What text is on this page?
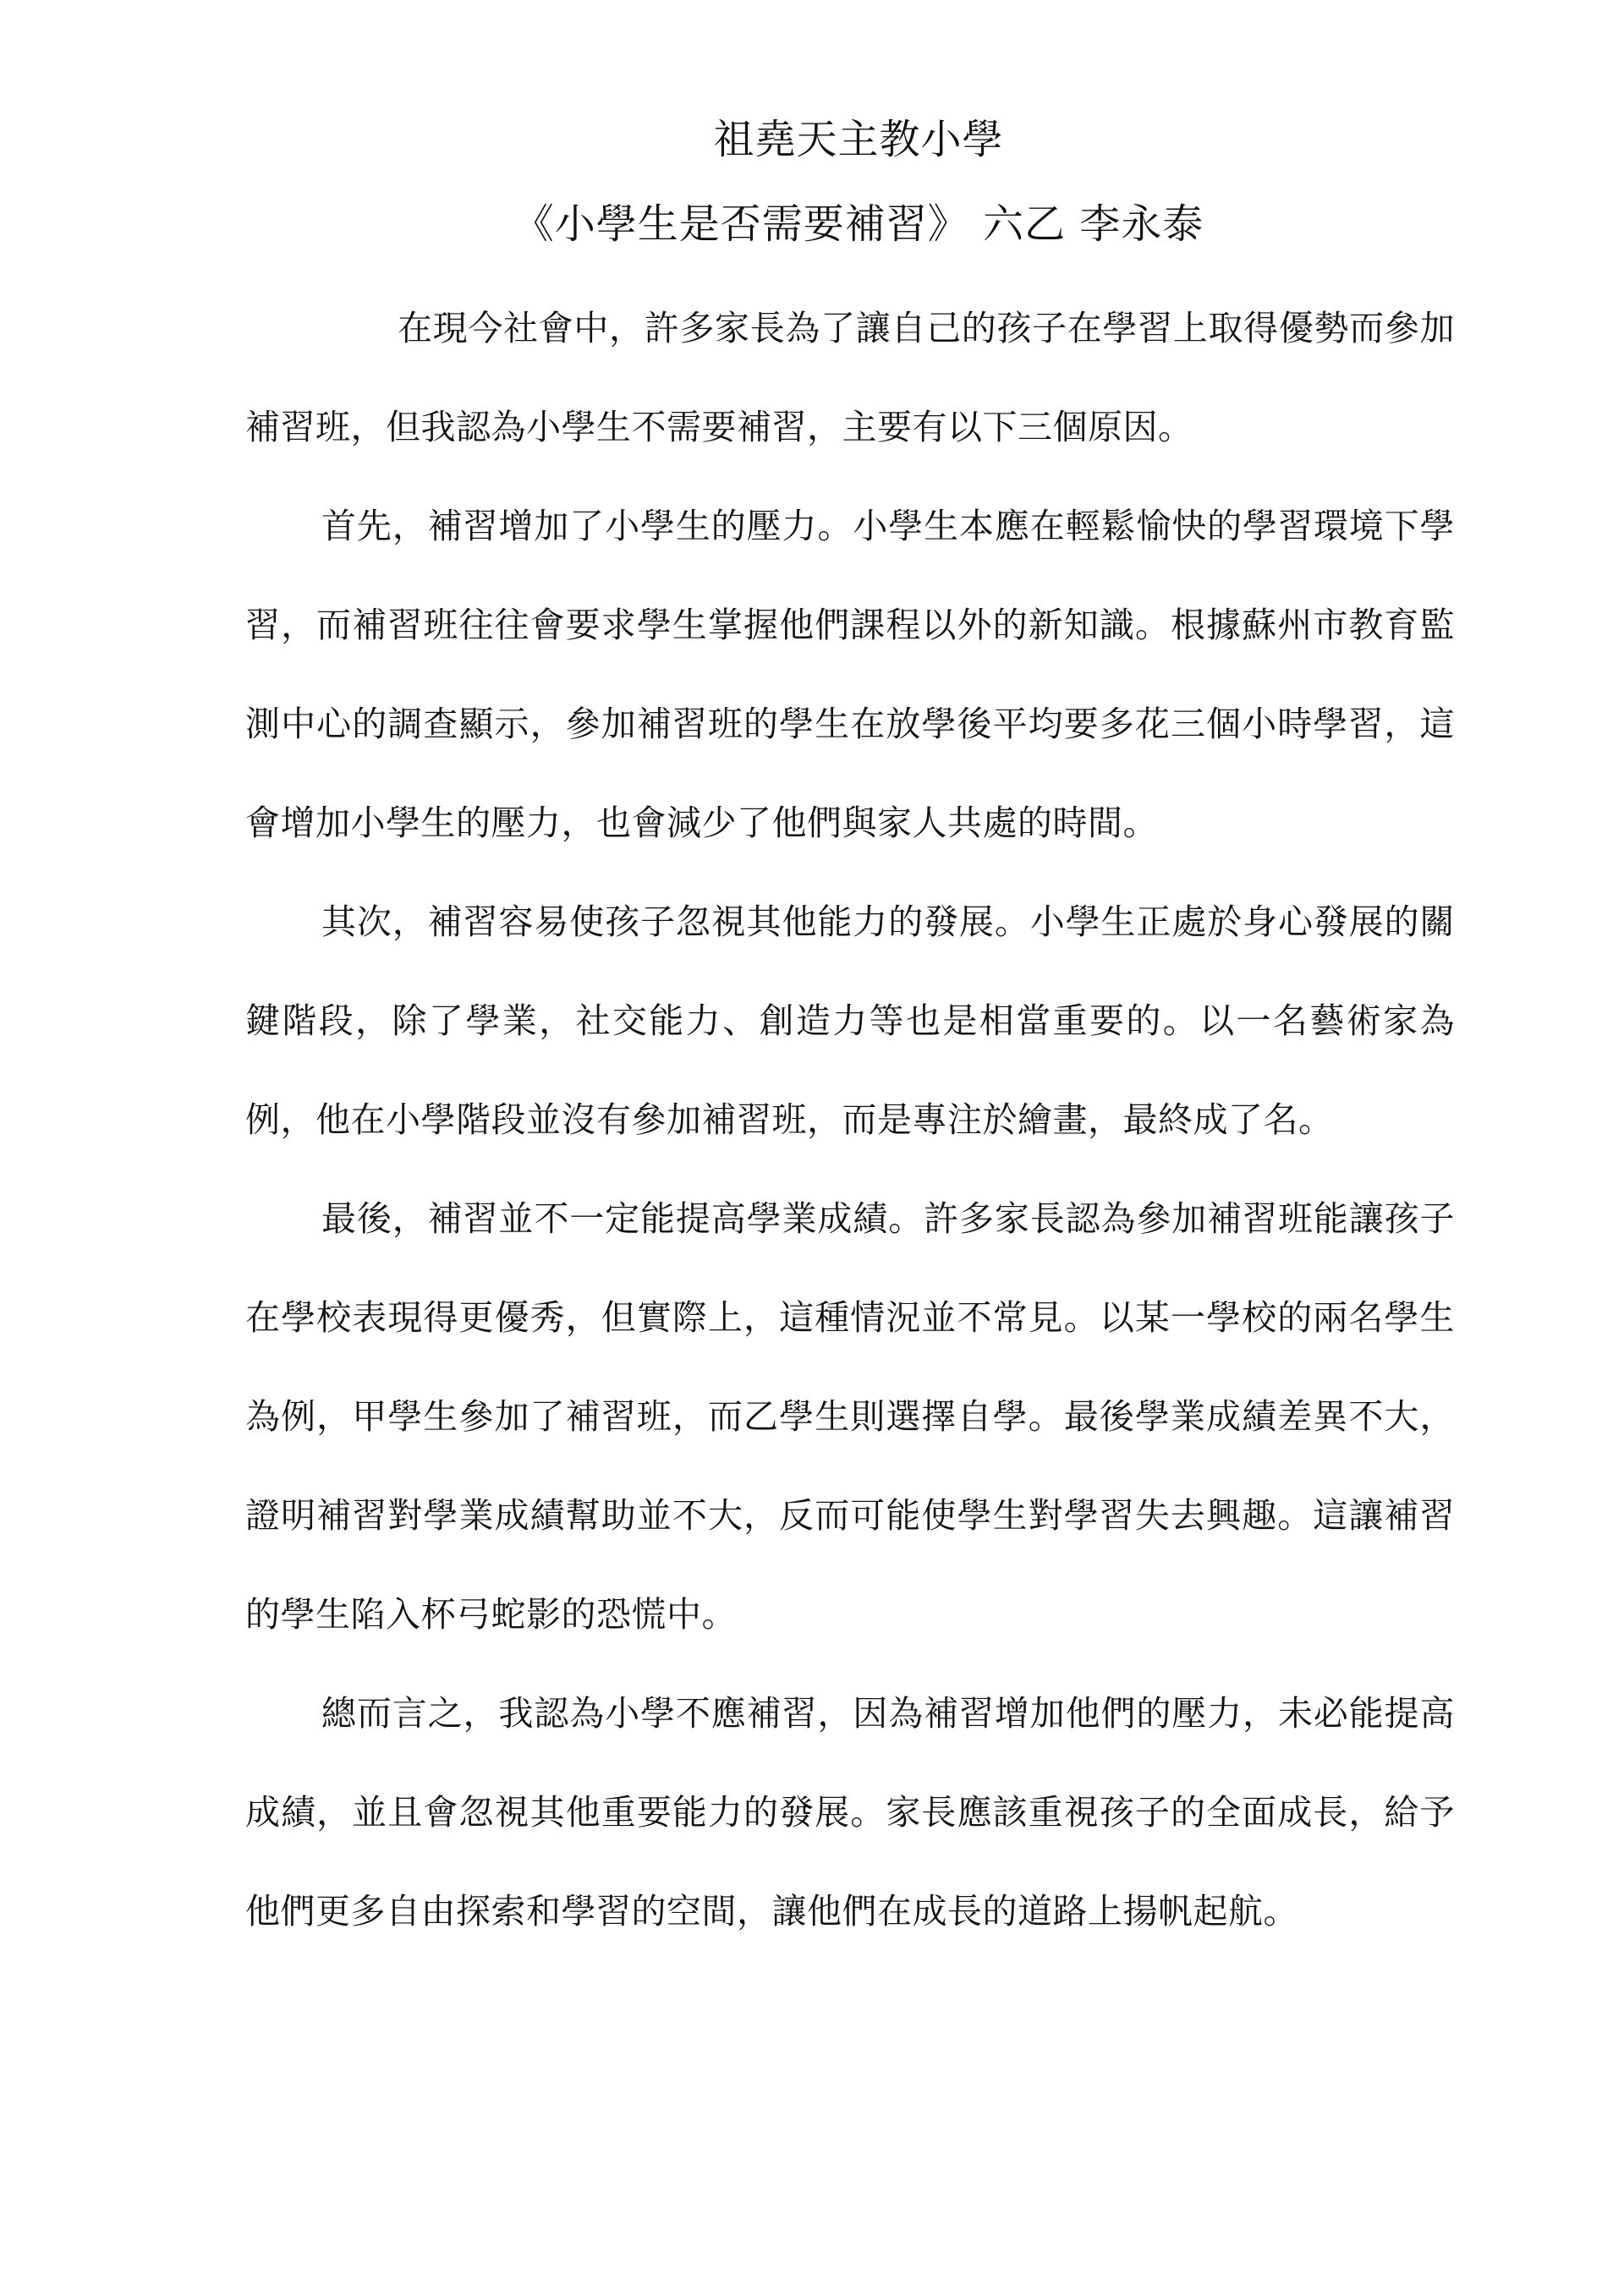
祖堯天主教小學
《小學生是否需要補習》 六乙 李永泰

在現今社會中，許多家長為了讓自己的孩子在學習上取得優勢而參加補習班，但我認為小學生不需要補習，主要有以下三個原因。

首先，補習增加了小學生的壓力。小學生本應在輕鬆愉快的學習環境下學習，而補習班往往會要求學生掌握他們課程以外的新知識。根據蘇州市教育監測中心的調查顯示，參加補習班的學生在放學後平均要多花三個小時學習，這會增加小學生的壓力，也會減少了他們與家人共處的時間。

其次，補習容易使孩子忽視其他能力的發展。小學生正處於身心發展的關鍵階段，除了學業，社交能力、創造力等也是相當重要的。以一名藝術家為例，他在小學階段並沒有參加補習班，而是專注於繪畫，最終成了名。

最後，補習並不一定能提高學業成績。許多家長認為參加補習班能讓孩子在學校表現得更優秀，但實際上，這種情況並不常見。以某一學校的兩名學生為例，甲學生參加了補習班，而乙學生則選擇自學。最後學業成績差異不大，證明補習對學業成績幫助並不大，反而可能使學生對學習失去興趣。這讓補習的學生陷入杯弓蛇影的恐慌中。

總而言之，我認為小學不應補習，因為補習增加他們的壓力，未必能提高成績，並且會忽視其他重要能力的發展。家長應該重視孩子的全面成長，給予他們更多自由探索和學習的空間，讓他們在成長的道路上揚帆起航。
